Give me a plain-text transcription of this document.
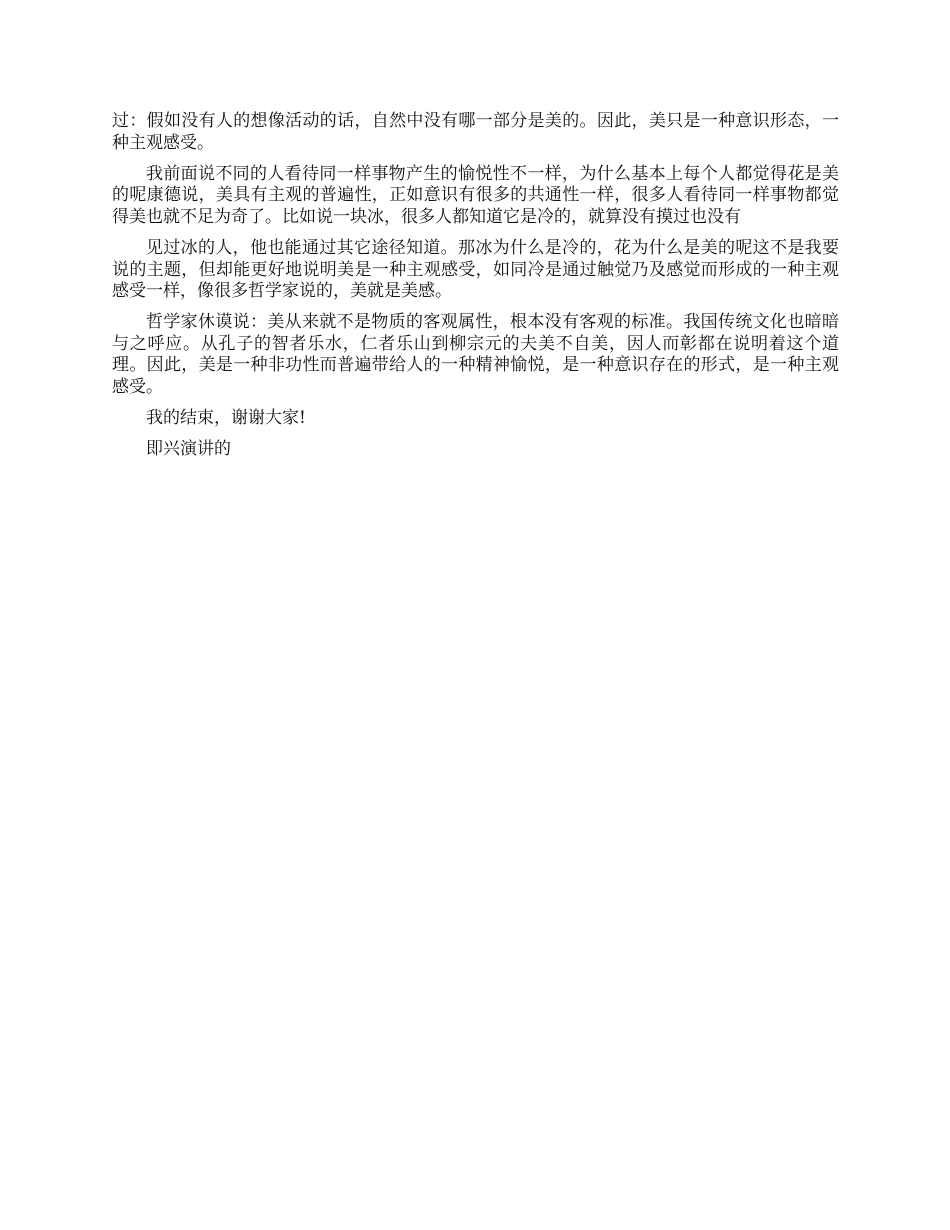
过：假如没有人的想像活动的话，自然中没有哪一部分是美的。因此，美只是一种意识形态，一种主观感受。

我前面说不同的人看待同一样事物产生的愉悦性不一样，为什么基本上每个人都觉得花是美的呢康德说，美具有主观的普遍性，正如意识有很多的共通性一样，很多人看待同一样事物都觉得美也就不足为奇了。比如说一块冰，很多人都知道它是冷的，就算没有摸过也没有

见过冰的人，他也能通过其它途径知道。那冰为什么是冷的，花为什么是美的呢这不是我要说的主题，但却能更好地说明美是一种主观感受，如同冷是通过触觉乃及感觉而形成的一种主观感受一样，像很多哲学家说的，美就是美感。

哲学家休谟说：美从来就不是物质的客观属性，根本没有客观的标准。我国传统文化也暗暗与之呼应。从孔子的智者乐水，仁者乐山到柳宗元的夫美不自美，因人而彰都在说明着这个道理。因此，美是一种非功性而普遍带给人的一种精神愉悦，是一种意识存在的形式，是一种主观感受。

我的结束，谢谢大家!

即兴演讲的
